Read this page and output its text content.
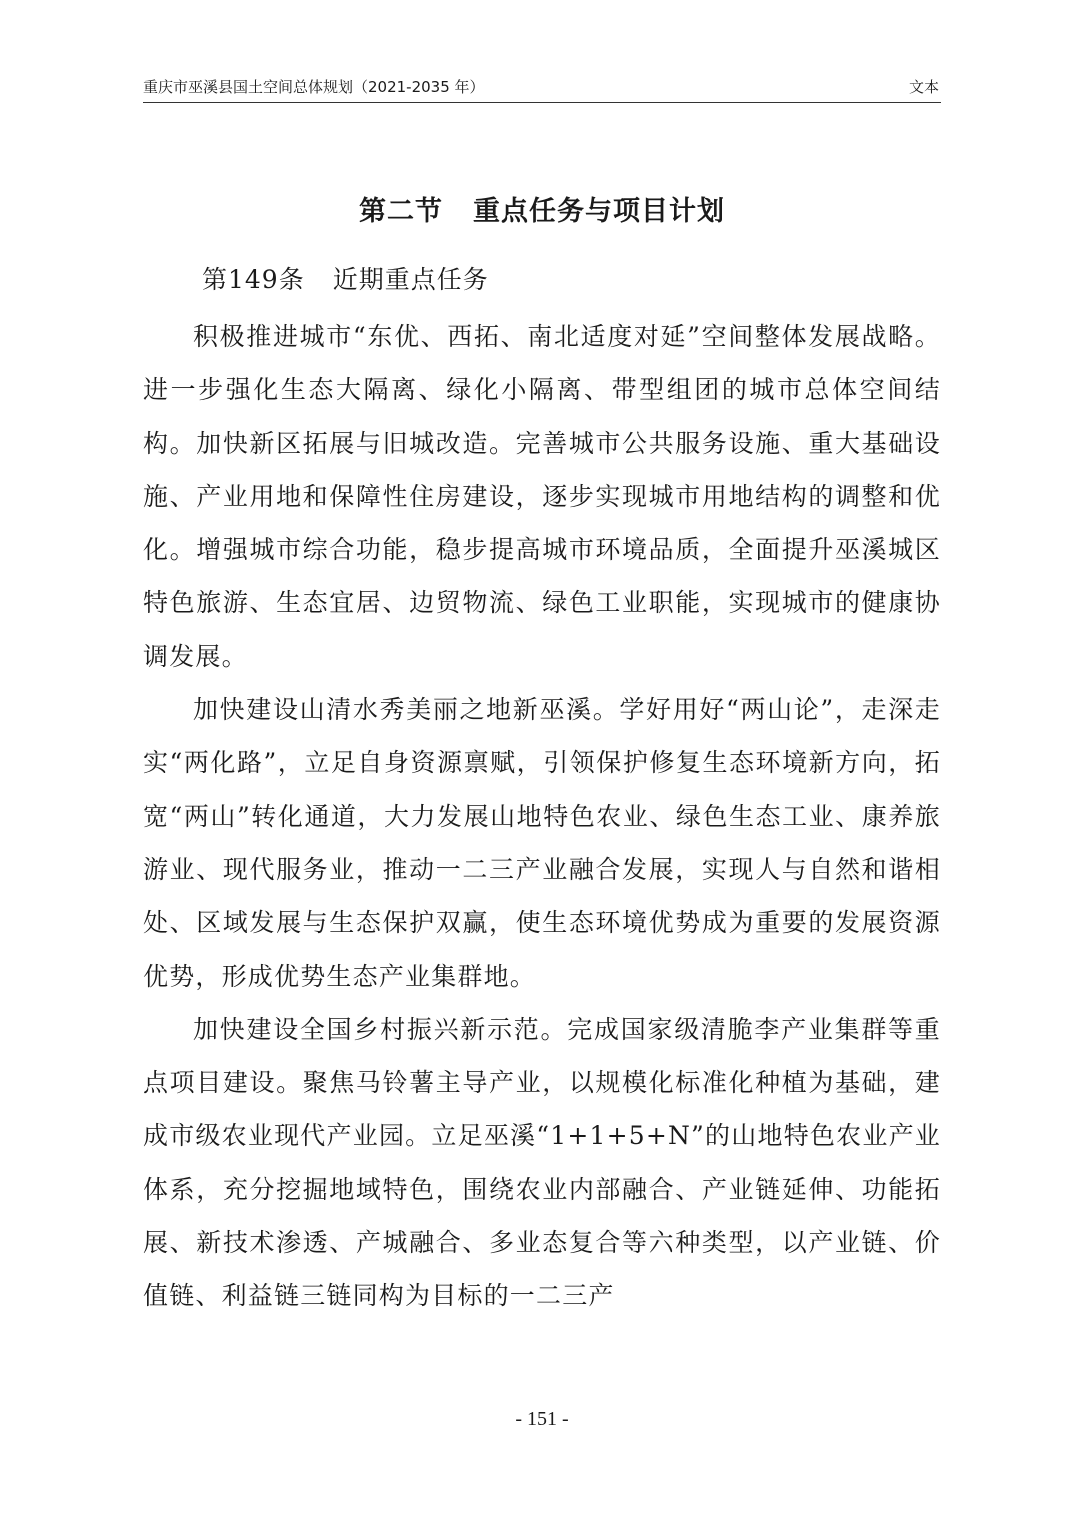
重庆市巫溪县国土空间总体规划（2021-2035 年）	文本
第二节 重点任务与项目计划
第149条 近期重点任务

积极推进城市“东优、西拓、南北适度对延”空间整体发展战略。进一步强化生态大隔离、绿化小隔离、带型组团的城市总体空间结构。加快新区拓展与旧城改造。完善城市公共服务设施、重大基础设施、产业用地和保障性住房建设，逐步实现城市用地结构的调整和优化。增强城市综合功能，稳步提高城市环境品质，全面提升巫溪城区特色旅游、生态宜居、边贸物流、绿色工业职能，实现城市的健康协调发展。

加快建设山清水秀美丽之地新巫溪。学好用好“两山论”，走深走实“两化路”，立足自身资源禀赋，引领保护修复生态环境新方向，拓宽“两山”转化通道，大力发展山地特色农业、绿色生态工业、康养旅游业、现代服务业，推动一二三产业融合发展，实现人与自然和谐相处、区域发展与生态保护双赢，使生态环境优势成为重要的发展资源优势，形成优势生态产业集群地。

加快建设全国乡村振兴新示范。完成国家级清脆李产业集群等重点项目建设。聚焦马铃薯主导产业，以规模化标准化种植为基础，建成市级农业现代产业园。立足巫溪“1+1+5+N”的山地特色农业产业体系，充分挖掘地域特色，围绕农业内部融合、产业链延伸、功能拓展、新技术渗透、产城融合、多业态复合等六种类型，以产业链、价值链、利益链三链同构为目标的一二三产

- 151 -
